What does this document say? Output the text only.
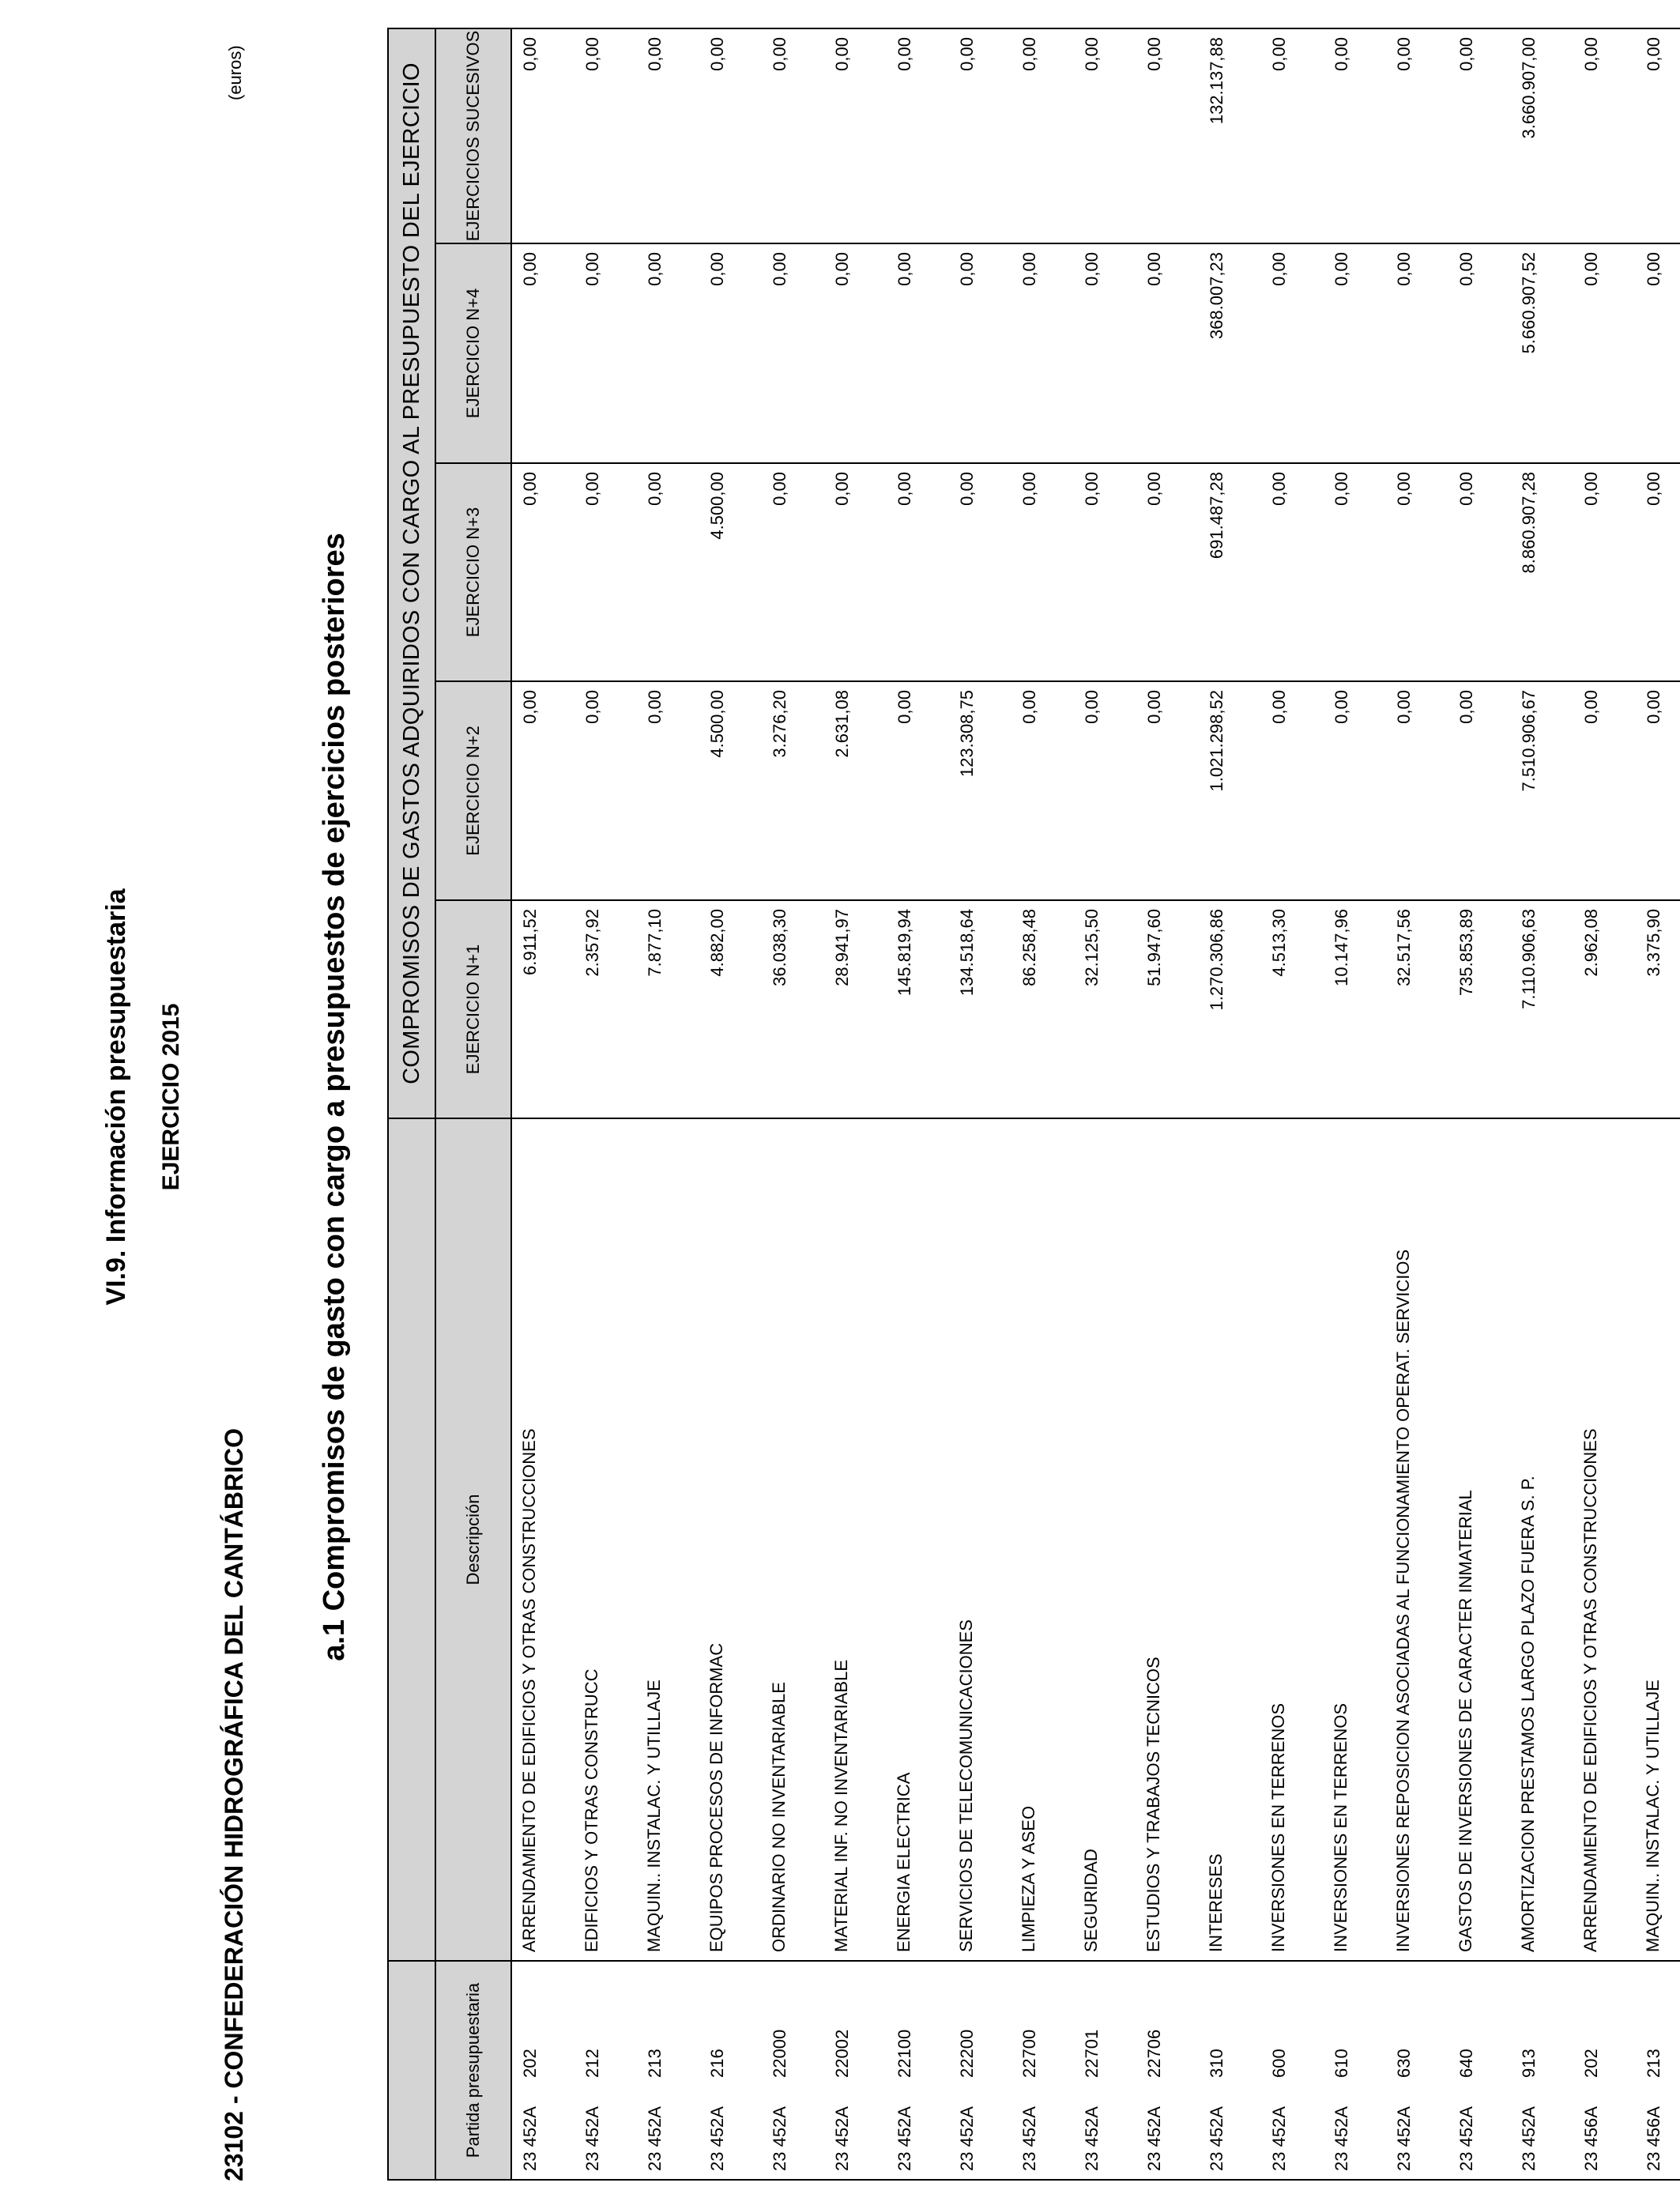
VI.9. Información presupuestaria EJERCICIO 2015
23102 - CONFEDERACIÓN HIDROGRÁFICA DEL CANTÁBRICO
a.1 Compromisos de gasto con cargo a presupuestos de ejercicios posteriores
(euros)
			COMPROMISOS DE GASTOS ADQUIRIDOS CON CARGO AL PRESUPUESTO DEL EJERCICIO				
Partida presupuestaria	Descripción	EJERCICIO N+1	EJERCICIO N+2	EJERCICIO N+3	EJERCICIO N+4	EJERCICIOS SUCESIVOS
23 452A202	ARRENDAMIENTO DE EDIFICIOS Y OTRAS CONSTRUCCIONES	6.911,52	0,00	0,00	0,00	0,00
23 452A212	EDIFICIOS Y OTRAS CONSTRUCC	2.357,92	0,00	0,00	0,00	0,00
23 452A213	MAQUIN.. INSTALAC. Y UTILLAJE	7.877,10	0,00	0,00	0,00	0,00
23 452A216	EQUIPOS PROCESOS DE INFORMAC	4.882,00	4.500,00	4.500,00	0,00	0,00
23 452A22000	ORDINARIO NO INVENTARIABLE	36.038,30	3.276,20	0,00	0,00	0,00
23 452A22002	MATERIAL INF. NO INVENTARIABLE	28.941,97	2.631,08	0,00	0,00	0,00
23 452A22100	ENERGIA ELECTRICA	145.819,94	0,00	0,00	0,00	0,00
23 452A22200	SERVICIOS DE TELECOMUNICACIONES	134.518,64	123.308,75	0,00	0,00	0,00
23 452A22700	LIMPIEZA Y ASEO	86.258,48	0,00	0,00	0,00	0,00
23 452A22701	SEGURIDAD	32.125,50	0,00	0,00	0,00	0,00
23 452A22706	ESTUDIOS Y TRABAJOS TECNICOS	51.947,60	0,00	0,00	0,00	0,00
23 452A310	INTERESES	1.270.306,86	1.021.298,52	691.487,28	368.007,23	132.137,88
23 452A600	INVERSIONES EN TERRENOS	4.513,30	0,00	0,00	0,00	0,00
23 452A610	INVERSIONES EN TERRENOS	10.147,96	0,00	0,00	0,00	0,00
23 452A630	INVERSIONES REPOSICION ASOCIADAS AL FUNCIONAMIENTO OPERAT. SERVICIOS	32.517,56	0,00	0,00	0,00	0,00
23 452A640	GASTOS DE INVERSIONES DE CARACTER INMATERIAL	735.853,89	0,00	0,00	0,00	0,00
23 452A913	AMORTIZACION PRESTAMOS LARGO PLAZO FUERA S. P.	7.110.906,63	7.510.906,67	8.860.907,28	5.660.907,52	3.660.907,00
23 456A202	ARRENDAMIENTO DE EDIFICIOS Y OTRAS CONSTRUCCIONES	2.962,08	0,00	0,00	0,00	0,00
23 456A213	MAQUIN.. INSTALAC. Y UTILLAJE	3.375,90	0,00	0,00	0,00	0,00
